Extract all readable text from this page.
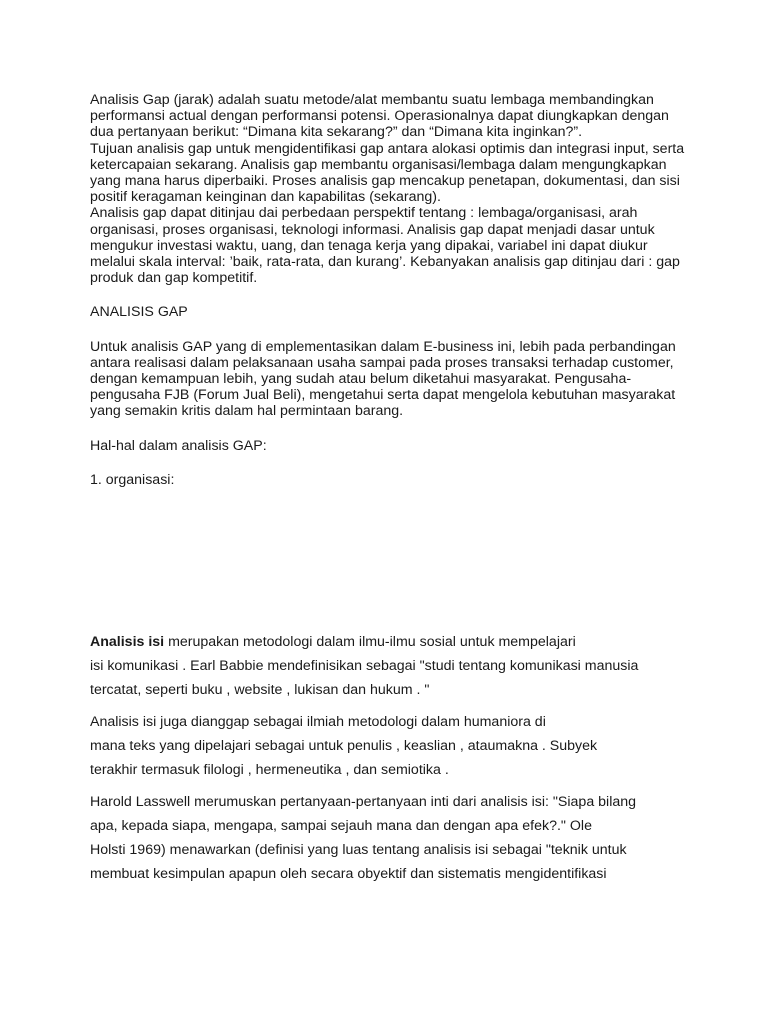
Analisis Gap (jarak) adalah suatu metode/alat membantu suatu lembaga membandingkan performansi actual dengan performansi potensi. Operasionalnya dapat diungkapkan dengan dua pertanyaan berikut: “Dimana kita sekarang?” dan “Dimana kita inginkan?”.

Tujuan analisis gap untuk mengidentifikasi gap antara alokasi optimis dan integrasi input, serta ketercapaian sekarang. Analisis gap membantu organisasi/lembaga dalam mengungkapkan yang mana harus diperbaiki. Proses analisis gap mencakup penetapan, dokumentasi, dan sisi positif keragaman keinginan dan kapabilitas (sekarang).

Analisis gap dapat ditinjau dai perbedaan perspektif tentang : lembaga/organisasi, arah organisasi, proses organisasi, teknologi informasi. Analisis gap dapat menjadi dasar untuk mengukur investasi waktu, uang, dan tenaga kerja yang dipakai, variabel ini dapat diukur melalui skala interval: ’baik, rata-rata, dan kurang’. Kebanyakan analisis gap ditinjau dari : gap produk dan gap kompetitif.

ANALISIS GAP

Untuk analisis GAP yang di emplementasikan dalam E-business ini, lebih pada perbandingan antara realisasi dalam pelaksanaan usaha sampai pada proses transaksi terhadap customer, dengan kemampuan lebih, yang sudah atau belum diketahui masyarakat. Pengusaha-pengusaha FJB (Forum Jual Beli), mengetahui serta dapat mengelola kebutuhan masyarakat yang semakin kritis dalam hal permintaan barang.

Hal-hal dalam analisis GAP:

1. organisasi:

Analisis isi merupakan metodologi dalam ilmu-ilmu sosial untuk mempelajari
isi komunikasi . Earl Babbie mendefinisikan sebagai "studi tentang komunikasi manusia
tercatat, seperti buku , website , lukisan dan hukum . "

Analisis isi juga dianggap sebagai ilmiah metodologi dalam humaniora di
mana teks yang dipelajari sebagai untuk penulis , keaslian , ataumakna . Subyek
terakhir termasuk filologi , hermeneutika , dan semiotika .

Harold Lasswell merumuskan pertanyaan-pertanyaan inti dari analisis isi: "Siapa bilang
apa, kepada siapa, mengapa, sampai sejauh mana dan dengan apa efek?." Ole
Holsti 1969) menawarkan (definisi yang luas tentang analisis isi sebagai "teknik untuk
membuat kesimpulan apapun oleh secara obyektif dan sistematis mengidentifikasi
